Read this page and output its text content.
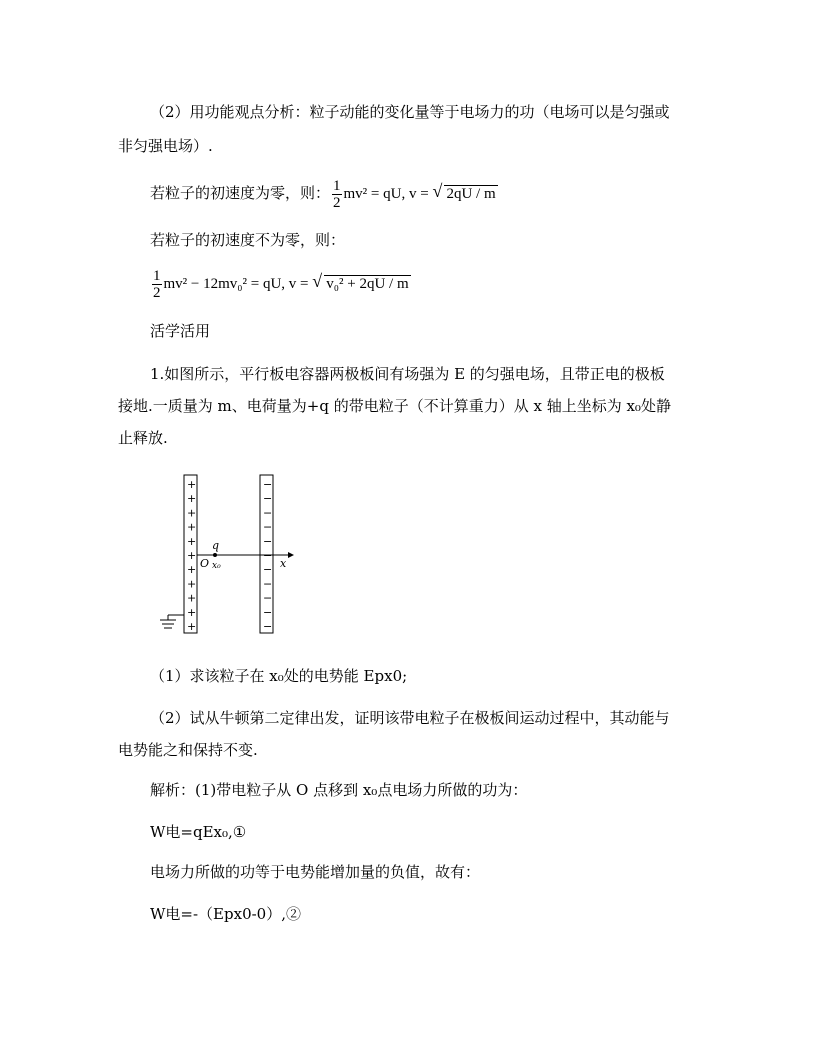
（2）用功能观点分析：粒子动能的变化量等于电场力的功（电场可以是匀强或
非匀强电场）.
若粒子的初速度为零，则： $\frac{1}{2} mv^2$ = qU, v = √ 2qU / m
若粒子的初速度不为零，则：
$\frac{1}{2} mv^2 - 12mv_0^2$ = qU, v = √ v₀² + 2qU / m
活学活用
1.如图所示，平行板电容器两极板间有场强为 E 的匀强电场，且带正电的极板
接地.一质量为 m、电荷量为+q 的带电粒子（不计算重力）从 x 轴上坐标为 x₀处静
止释放.
+
+
+
+
+
+
+
+
+
+
+
−
−
−
−
−
−
−
−
−
−
−
q
O x₀	x
（1）求该粒子在 x₀处的电势能 Epx0;
（2）试从牛顿第二定律出发，证明该带电粒子在极板间运动过程中，其动能与
电势能之和保持不变.
解析：(1)带电粒子从 O 点移到 x₀点电场力所做的功为：
W电=qEx₀,①
电场力所做的功等于电势能增加量的负值，故有：
W电=-（Epx0-0）,②
